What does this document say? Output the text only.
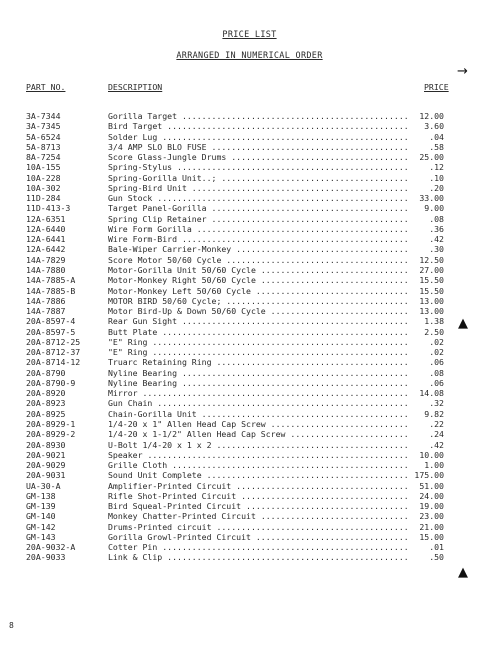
PRICE LIST
ARRANGED IN NUMERICAL ORDER
PART NO.	DESCRIPTION	PRICE
3A-7344	Gorilla Target .....	12.00
3A-7345	Bird Target .....	3.60
5A-6524	Solder Lug .....	.04
5A-8713	3/4 AMP SLO BLO FUSE .....	.58
8A-7254	Score Glass-Jungle Drums .....	25.00
10A-155	Spring-Stylus .....	.12
10A-228	Spring-Gorilla Unit..; .....	.10
10A-302	Spring-Bird Unit .....	.20
11D-284	Gun Stock .....	33.00
11D-413-3	Target Panel-Gorilla .....	9.00
12A-6351	Spring Clip Retainer .....	.08
12A-6440	Wire Form Gorilla .....	.36
12A-6441	Wire Form-Bird .....	.42
12A-6442	Bale-Wiper Carrier-Monkey .....	.30
14A-7829	Score Motor 50/60 Cycle .....	12.50
14A-7880	Motor-Gorilla Unit 50/60 Cycle .....	27.00
14A-7885-A	Motor-Monkey Right 50/60 Cycle .....	15.50
14A-7885-B	Motor-Monkey Left 50/60 Cycle .....	15.50
14A-7886	MOTOR BIRD 50/60 Cycle; .....	13.00
14A-7887	Motor Bird-Up & Down 50/60 Cycle .....	13.00
20A-8597-4	Rear Gun Sight .....	1.38
20A-8597-5	Butt Plate .....	2.50
20A-8712-25	"E" Ring .....	.02
20A-8712-37	"E" Ring .....	.02
20A-8714-12	Truarc Retaining Ring .....	.06
20A-8790	Nyline Bearing .....	.08
20A-8790-9	Nyline Bearing .....	.06
20A-8920	Mirror .....	14.08
20A-8923	Gun Chain .....	.32
20A-8925	Chain-Gorilla Unit .....	9.82
20A-8929-1	1/4-20 x 1" Allen Head Cap Screw .....	.22
20A-8929-2	1/4-20 x 1-1/2" Allen Head Cap Screw .....	.24
20A-8930	U-Bolt 1/4-20 x 1 x 2 .....	.42
20A-9021	Speaker .....	10.00
20A-9029	Grille Cloth .....	1.00
20A-9031	Sound Unit Complete .....	175.00
UA-30-A	Amplifier-Printed Circuit .....	51.00
GM-138	Rifle Shot-Printed Circuit .....	24.00
GM-139	Bird Squeal-Printed Circuit .....	19.00
GM-140	Monkey Chatter-Printed Circuit .....	23.00
GM-142	Drums-Printed circuit .....	21.00
GM-143	Gorilla Growl-Printed Circuit .....	15.00
20A-9032-A	Cotter Pin .....	.01
20A-9033	Link & Clip .....	.50
8
→
▲
▲
